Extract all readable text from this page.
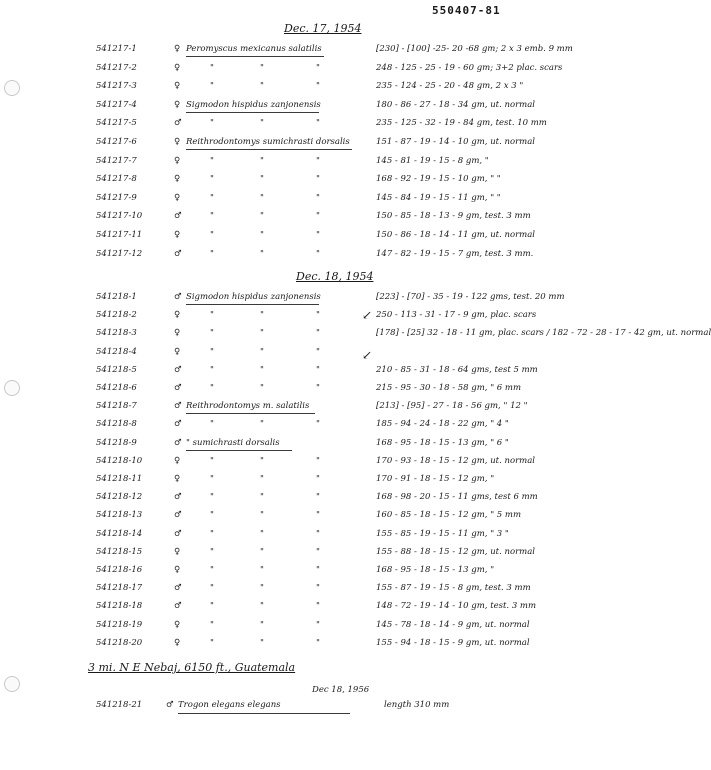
550407-81
Dec. 17, 1954
541217-1	♀ Peromyscus mexicanus salatilis	[230] - [100] -25- 20 -68 gm; 2 x 3 emb. 9 mm
541217-2	♀	"	"	"	248 - 125 - 25 - 19 - 60 gm; 3+2 plac. scars
541217-3	♀	"	"	"	235 - 124 - 25 - 20 - 48 gm, 2 x 3 "
541217-4	♀ Sigmodon hispidus zanjonensis	180 - 86 - 27 - 18 - 34 gm, ut. normal
541217-5	♂	"	"	"	235 - 125 - 32 - 19 - 84 gm, test. 10 mm
541217-6	♀ Reithrodontomys sumichrasti dorsalis	151 - 87 - 19 - 14 - 10 gm, ut. normal
541217-7	♀	"	"	"	145 - 81 - 19 - 15 - 8 gm, "
541217-8	♀	"	"	"	168 - 92 - 19 - 15 - 10 gm, " "
541217-9	♀	"	"	"	145 - 84 - 19 - 15 - 11 gm, " "
541217-10	♂	"	"	"	150 - 85 - 18 - 13 - 9 gm, test. 3 mm
541217-11	♀	"	"	"	150 - 86 - 18 - 14 - 11 gm, ut. normal
541217-12	♂	"	"	"	147 - 82 - 19 - 15 - 7 gm, test. 3 mm.
Dec. 18, 1954
541218-1	♂ Sigmodon hispidus zanjonensis	[223] - [70] - 35 - 19 - 122 gms, test. 20 mm
541218-2	♀	"	"	"	250 - 113 - 31 - 17 - 9 gm, plac. scars
541218-3	♀	"	"	"	[178] - [25] 32 - 18 - 11 gm, plac. scars / 182 - 72 - 28 - 17 - 42 gm, ut. normal
541218-4	♀	"	"	"
541218-5	♂	"	"	"	210 - 85 - 31 - 18 - 64 gms, test 5 mm
541218-6	♂	"	"	"	215 - 95 - 30 - 18 - 58 gm, " 6 mm
541218-7	♂ Reithrodontomys m. salatilis	[213] - [95] - 27 - 18 - 56 gm, " 12 "
541218-8	♂	"	"	"	185 - 94 - 24 - 18 - 22 gm, " 4 "
541218-9	♂ " sumichrasti dorsalis	168 - 95 - 18 - 15 - 13 gm, " 6 "
541218-10	♀	"	"	"	170 - 93 - 18 - 15 - 12 gm, ut. normal
541218-11	♀	"	"	"	170 - 91 - 18 - 15 - 12 gm, "
541218-12	♂	"	"	"	168 - 98 - 20 - 15 - 11 gms, test 6 mm
541218-13	♂	"	"	"	160 - 85 - 18 - 15 - 12 gm, " 5 mm
541218-14	♂	"	"	"	155 - 85 - 19 - 15 - 11 gm, " 3 "
541218-15	♀	"	"	"	155 - 88 - 18 - 15 - 12 gm, ut. normal
541218-16	♀	"	"	"	168 - 95 - 18 - 15 - 13 gm, "
541218-17	♂	"	"	"	155 - 87 - 19 - 15 - 8 gm, test. 3 mm
541218-18	♂	"	"	"	148 - 72 - 19 - 14 - 10 gm, test. 3 mm
541218-19	♀	"	"	"	145 - 78 - 18 - 14 - 9 gm, ut. normal
541218-20	♀	"	"	"	155 - 94 - 18 - 15 - 9 gm, ut. normal
↙
↙
3 mi. N E Nebaj, 6150 ft., Guatemala
Dec 18, 1956
541218-21	♂ Trogon elegans elegans	length 310 mm
